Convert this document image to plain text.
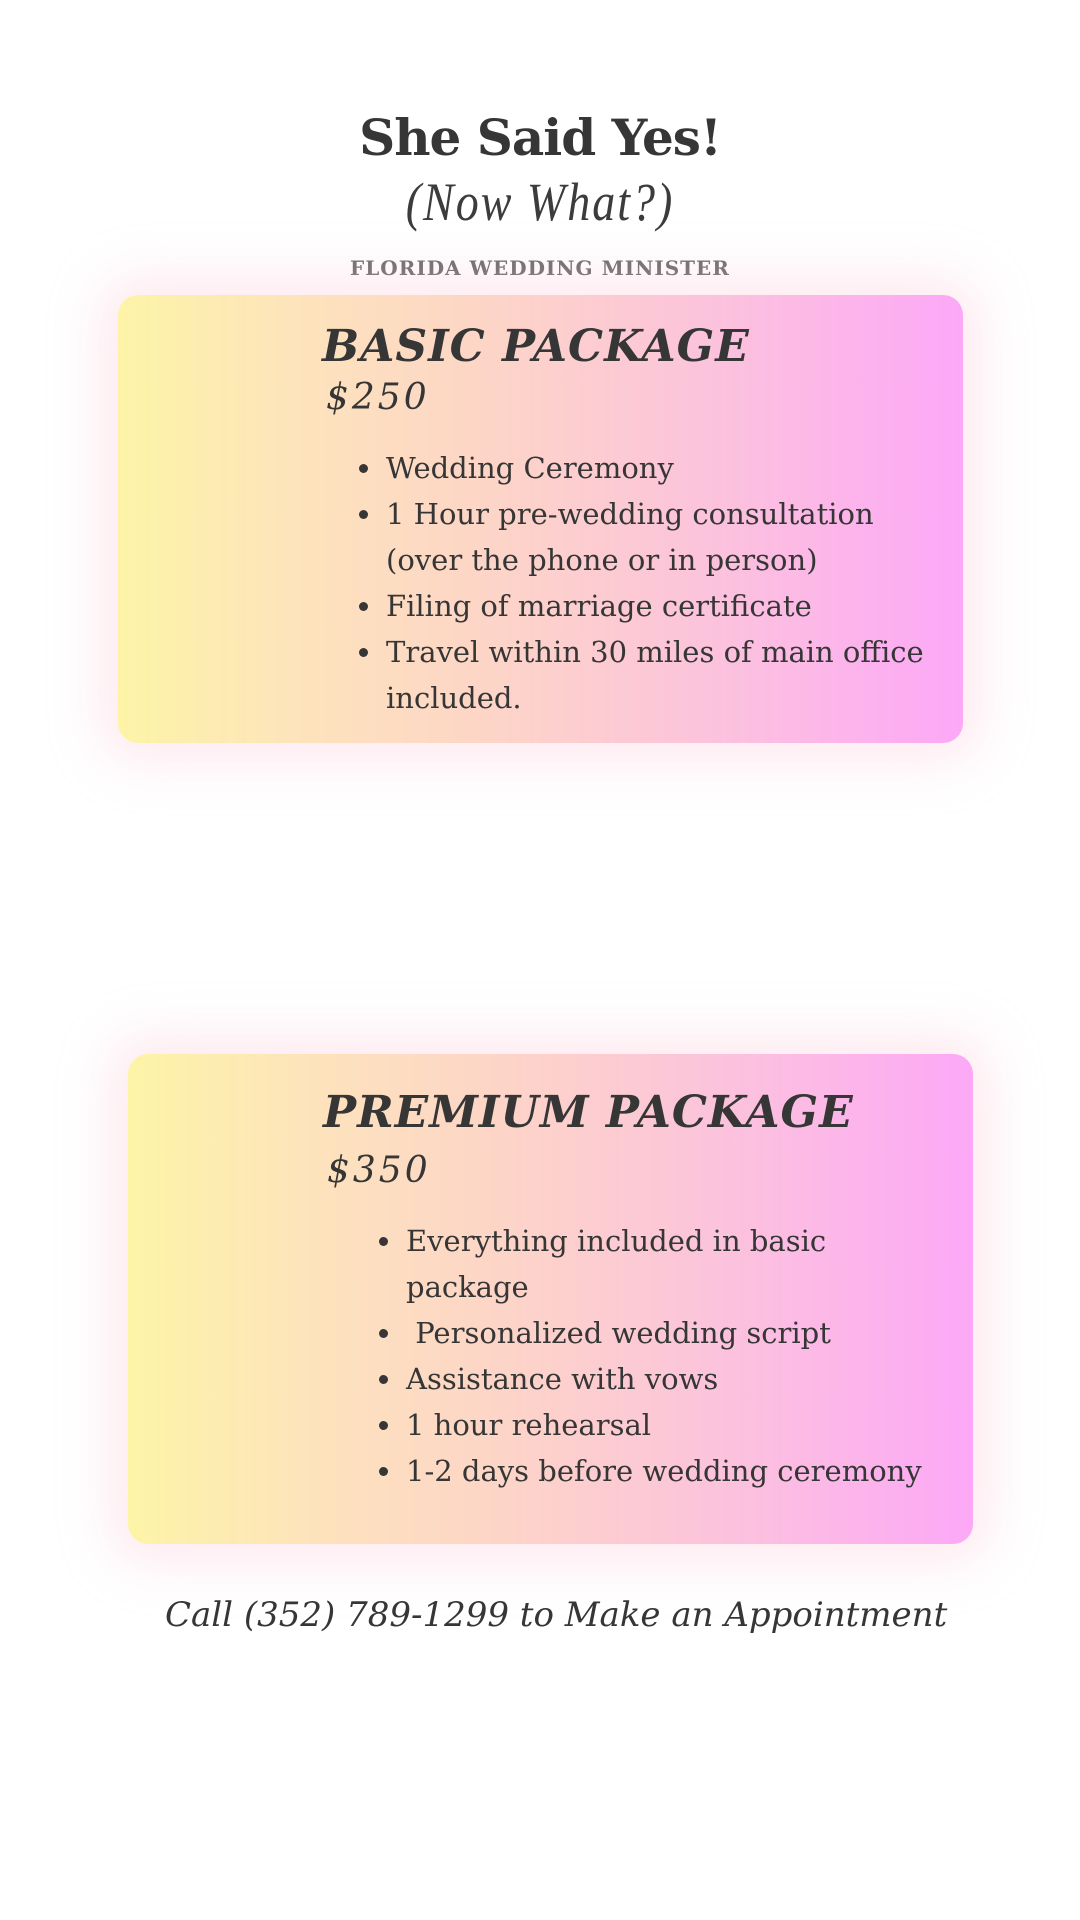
She Said Yes!
(Now What?)
FLORIDA WEDDING MINISTER
BASIC PACKAGE
$250
• Wedding Ceremony
• 1 Hour pre-wedding consultation (over the phone or in person)
• Filing of marriage certificate
• Travel within 30 miles of main office included.
PREMIUM PACKAGE
$350
• Everything included in basic package
•  Personalized wedding script
• Assistance with vows
• 1 hour rehearsal
• 1-2 days before wedding ceremony
Call (352) 789-1299 to Make an Appointment
